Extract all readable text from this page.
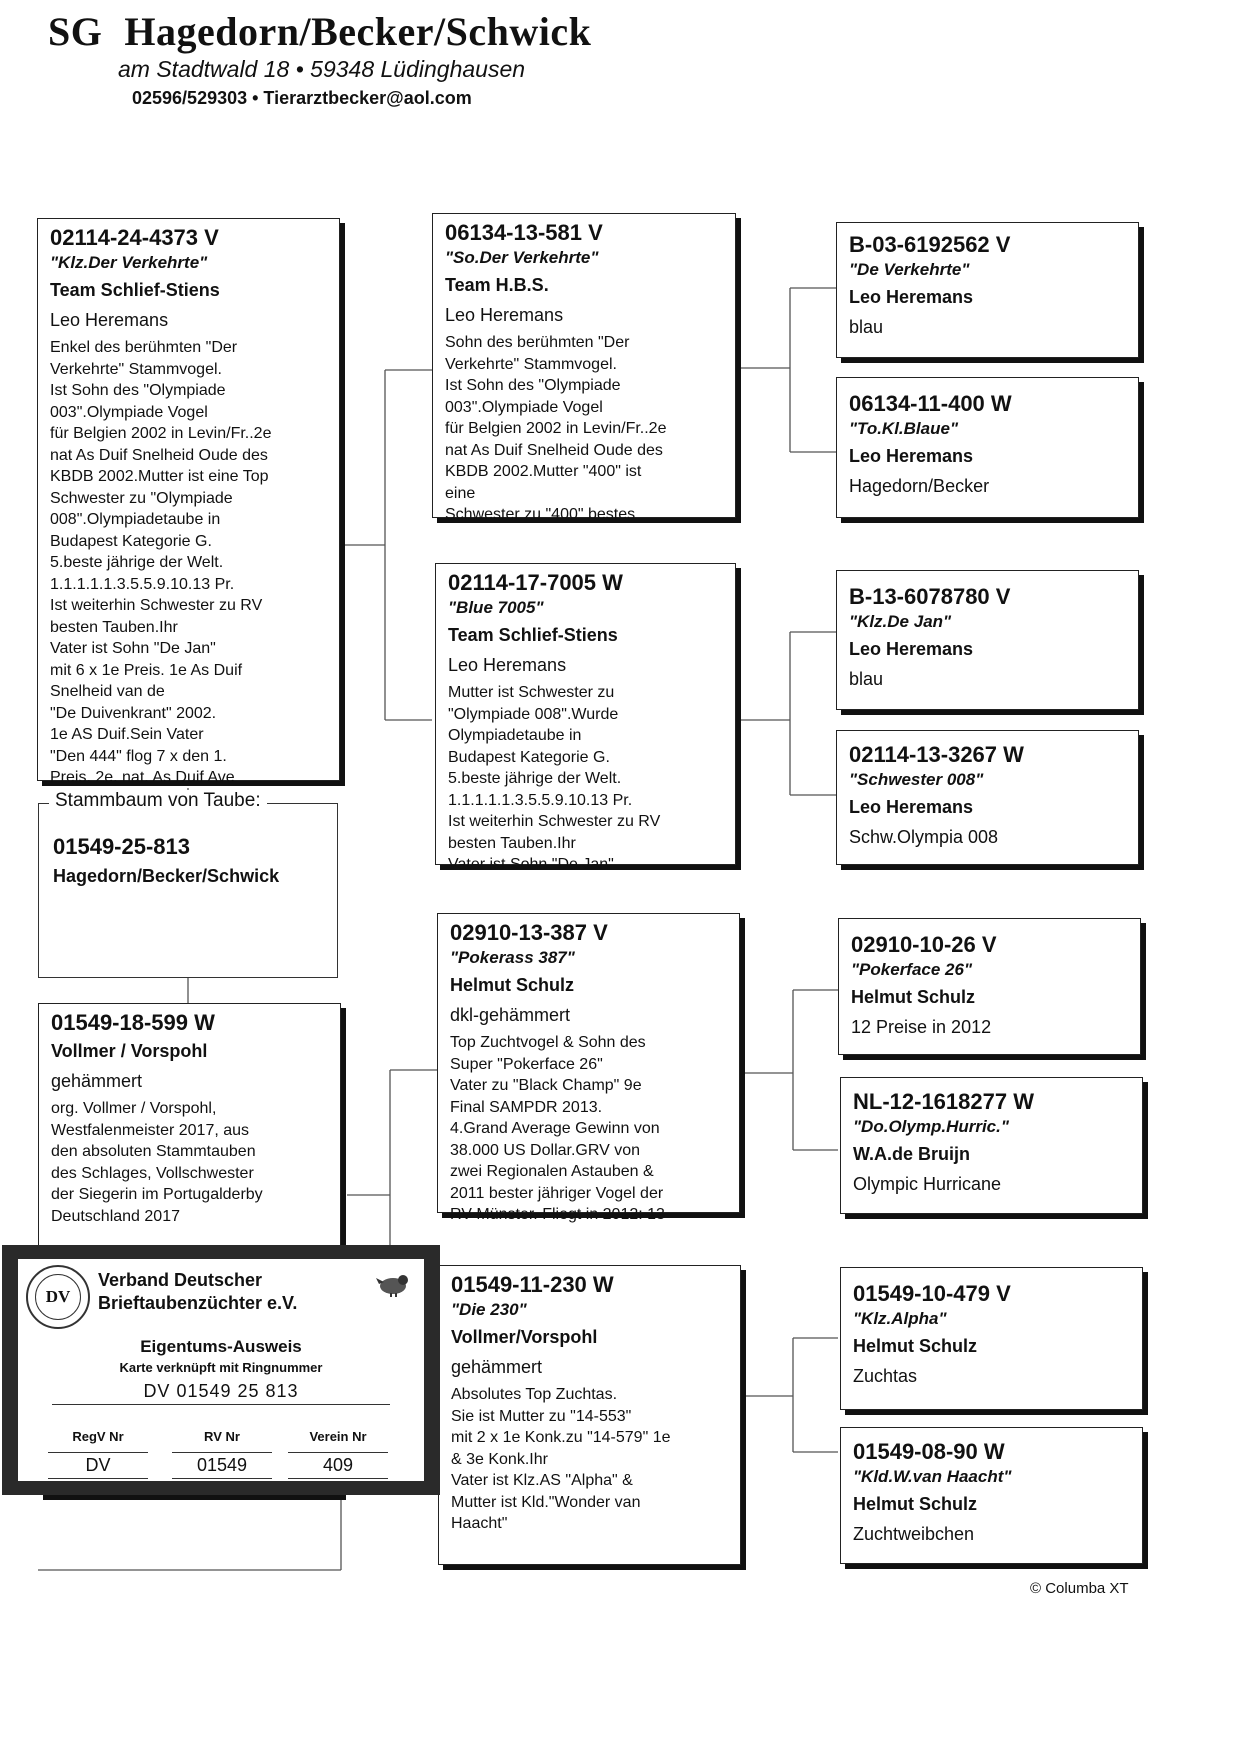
SG Hagedorn/Becker/Schwick
am Stadtwald 18 • 59348 Lüdinghausen
02596/529303 • Tierarztbecker@aol.com
02114-24-4373 V
"Klz.Der Verkehrte"
Team Schlief-Stiens
Leo Heremans
Enkel des berühmten "Der
Verkehrte" Stammvogel.
Ist Sohn des "Olympiade
003".Olympiade Vogel
für Belgien 2002 in Levin/Fr..2e
nat As Duif Snelheid Oude des
KBDB 2002.Mutter ist eine Top
Schwester zu "Olympiade
008".Olympiadetaube in
Budapest Kategorie G.
5.beste jährige der Welt.
1.1.1.1.1.3.5.5.9.10.13 Pr.
Ist weiterhin Schwester zu RV
besten Tauben.Ihr
Vater ist Sohn "De Jan"
mit 6 x 1e Preis. 1e As Duif
Snelheid van de
"De Duivenkrant" 2002.
1e AS Duif.Sein Vater
"Den 444" flog 7 x den 1.
Preis. 2e. nat. As Duif Ave
Stammbaum von Taube:
01549-25-813
Hagedorn/Becker/Schwick
01549-18-599 W
Vollmer / Vorspohl
gehämmert
org. Vollmer / Vorspohl,
Westfalenmeister 2017, aus
den absoluten Stammtauben
des Schlages, Vollschwester
der Siegerin im Portugalderby
Deutschland 2017
06134-13-581 V
"So.Der Verkehrte"
Team H.B.S.
Leo Heremans
Sohn des berühmten "Der
Verkehrte" Stammvogel.
Ist Sohn des "Olympiade
003".Olympiade Vogel
für Belgien 2002 in Levin/Fr..2e
nat As Duif Snelheid Oude des
KBDB 2002.Mutter "400" ist
eine
Schwester zu "400" bestes
02114-17-7005 W
"Blue 7005"
Team Schlief-Stiens
Leo Heremans
Mutter ist Schwester zu
"Olympiade 008".Wurde
Olympiadetaube in
Budapest Kategorie G.
5.beste jährige der Welt.
1.1.1.1.1.3.5.5.9.10.13 Pr.
Ist weiterhin Schwester zu RV
besten Tauben.Ihr
Vater ist Sohn "De Jan"
02910-13-387 V
"Pokerass 387"
Helmut Schulz
dkl-gehämmert
Top Zuchtvogel & Sohn des
Super "Pokerface 26"
Vater zu "Black Champ" 9e
Final SAMPDR 2013.
4.Grand Average Gewinn von
38.000 US Dollar.GRV von
zwei Regionalen Astauben &
2011 bester jähriger Vogel der
RV Münster. Fliegt in 2012: 13
01549-11-230 W
"Die 230"
Vollmer/Vorspohl
gehämmert
Absolutes Top Zuchtas.
Sie ist Mutter zu "14-553"
mit 2 x 1e Konk.zu "14-579" 1e
& 3e Konk.Ihr
Vater ist Klz.AS "Alpha" &
Mutter ist Kld."Wonder van
Haacht"
B-03-6192562 V
"De Verkehrte"
Leo Heremans
blau
06134-11-400 W
"To.Kl.Blaue"
Leo Heremans
Hagedorn/Becker
B-13-6078780 V
"Klz.De Jan"
Leo Heremans
blau
02114-13-3267 W
"Schwester 008"
Leo Heremans
Schw.Olympia 008
02910-10-26 V
"Pokerface 26"
Helmut Schulz
12 Preise in 2012
NL-12-1618277 W
"Do.Olymp.Hurric."
W.A.de Bruijn
Olympic Hurricane
01549-10-479 V
"Klz.Alpha"
Helmut Schulz
Zuchtas
01549-08-90 W
"Kld.W.van Haacht"
Helmut Schulz
Zuchtweibchen
DV
Verband Deutscher
Brieftaubenzüchter e.V.
Eigentums-Ausweis
Karte verknüpft mit Ringnummer
DV 01549 25 813
RegV Nr
DV
RV Nr
01549
Verein Nr
409
© Columba XT
